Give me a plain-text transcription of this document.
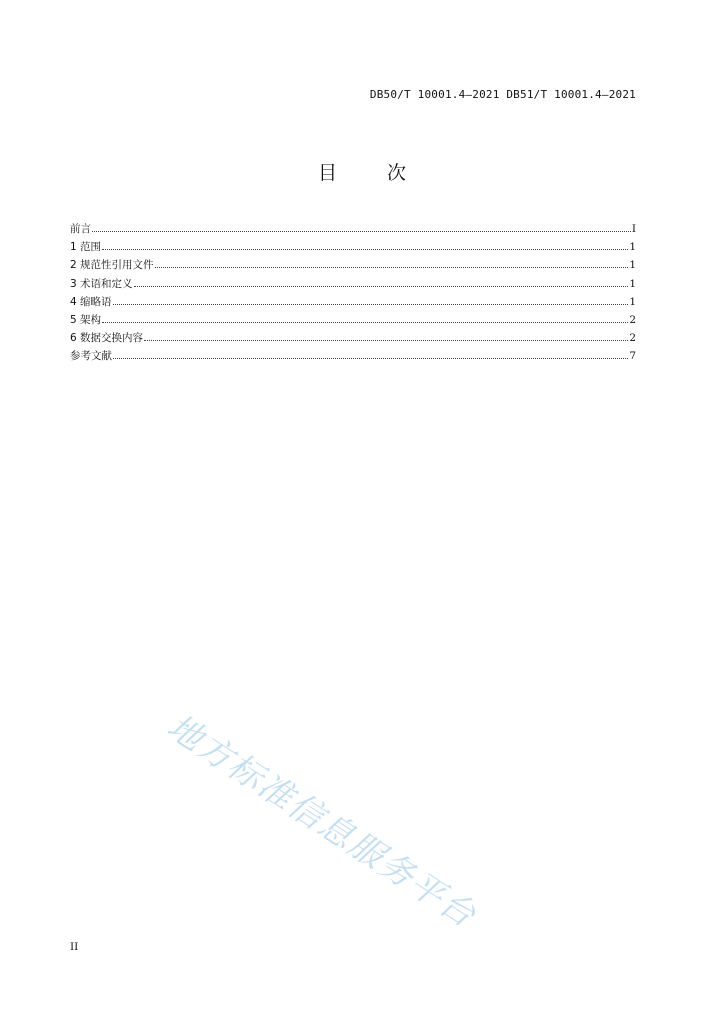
DB50/T 10001.4—2021 DB51/T 10001.4—2021
目 次
前言	I
1 范围	1
2 规范性引用文件	1
3 术语和定义	1
4 缩略语	1
5 架构	2
6 数据交换内容	2
参考文献	7
地方标准信息服务平台
II
